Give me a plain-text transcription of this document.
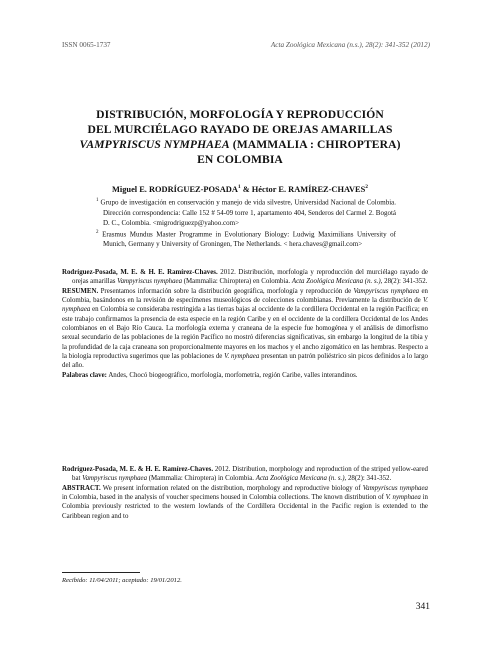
ISSN 0065-1737	Acta Zoológica Mexicana (n.s.), 28(2): 341-352 (2012)
DISTRIBUCIÓN, MORFOLOGÍA Y REPRODUCCIÓN
DEL MURCIÉLAGO RAYADO DE OREJAS AMARILLAS
VAMPYRISCUS NYMPHAEA (MAMMALIA : CHIROPTERA)
EN COLOMBIA
Miguel E. RODRÍGUEZ-POSADA$^1$ & Héctor E. RAMÍREZ-CHAVES$^2$

$^1$ Grupo de investigación en conservación y manejo de vida silvestre, Universidad Nacional de Colombia. Dirección correspondencia: Calle 152 # 54-09 torre 1, apartamento 404, Senderos del Carmel 2. Bogotá D. C., Colombia. <migrodriguezp@yahoo.com>

$^2$ Erasmus Mundus Master Programme in Evolutionary Biology: Ludwig Maximilians University of Munich, Germany y University of Groningen, The Netherlands. < hera.chaves@gmail.com>

Rodríguez-Posada, M. E. & H. E. Ramírez-Chaves. 2012. Distribución, morfología y reproducción del murciélago rayado de orejas amarillas Vampyriscus nymphaea (Mammalia: Chiroptera) en Colombia. Acta Zoológica Mexicana (n. s.), 28(2): 341-352.

RESUMEN. Presentamos información sobre la distribución geográfica, morfología y reproducción de Vampyriscus nymphaea en Colombia, basándonos en la revisión de especímenes museológicos de colecciones colombianas. Previamente la distribución de V. nymphaea en Colombia se consideraba restringida a las tierras bajas al occidente de la cordillera Occidental en la región Pacífica; en este trabajo confirmamos la presencia de esta especie en la región Caribe y en el occidente de la cordillera Occidental de los Andes colombianos en el Bajo Río Cauca. La morfología externa y craneana de la especie fue homogénea y el análisis de dimorfismo sexual secundario de las poblaciones de la región Pacífico no mostró diferencias significativas, sin embargo la longitud de la tibia y la profundidad de la caja craneana son proporcionalmente mayores en los machos y el ancho zigomático en las hembras. Respecto a la biología reproductiva sugerimos que las poblaciones de V. nymphaea presentan un patrón poliéstrico sin picos definidos a lo largo del año.

Palabras clave: Andes, Chocó biogeográfico, morfología, morfometría, región Caribe, valles interandinos.

Rodríguez-Posada, M. E. & H. E. Ramírez-Chaves. 2012. Distribution, morphology and reproduction of the striped yellow-eared bat Vampyriscus nymphaea (Mammalia: Chiroptera) in Colombia. Acta Zoológica Mexicana (n. s.), 28(2): 341-352.

ABSTRACT. We present information related on the distribution, morphology and reproductive biology of Vampyriscus nymphaea in Colombia, based in the analysis of voucher specimens housed in Colombia collections. The known distribution of V. nymphaea in Colombia previously restricted to the western lowlands of the Cordillera Occidental in the Pacific region is extended to the Caribbean region and to

Recibido: 11/04/2011; aceptado: 19/01/2012.
341
